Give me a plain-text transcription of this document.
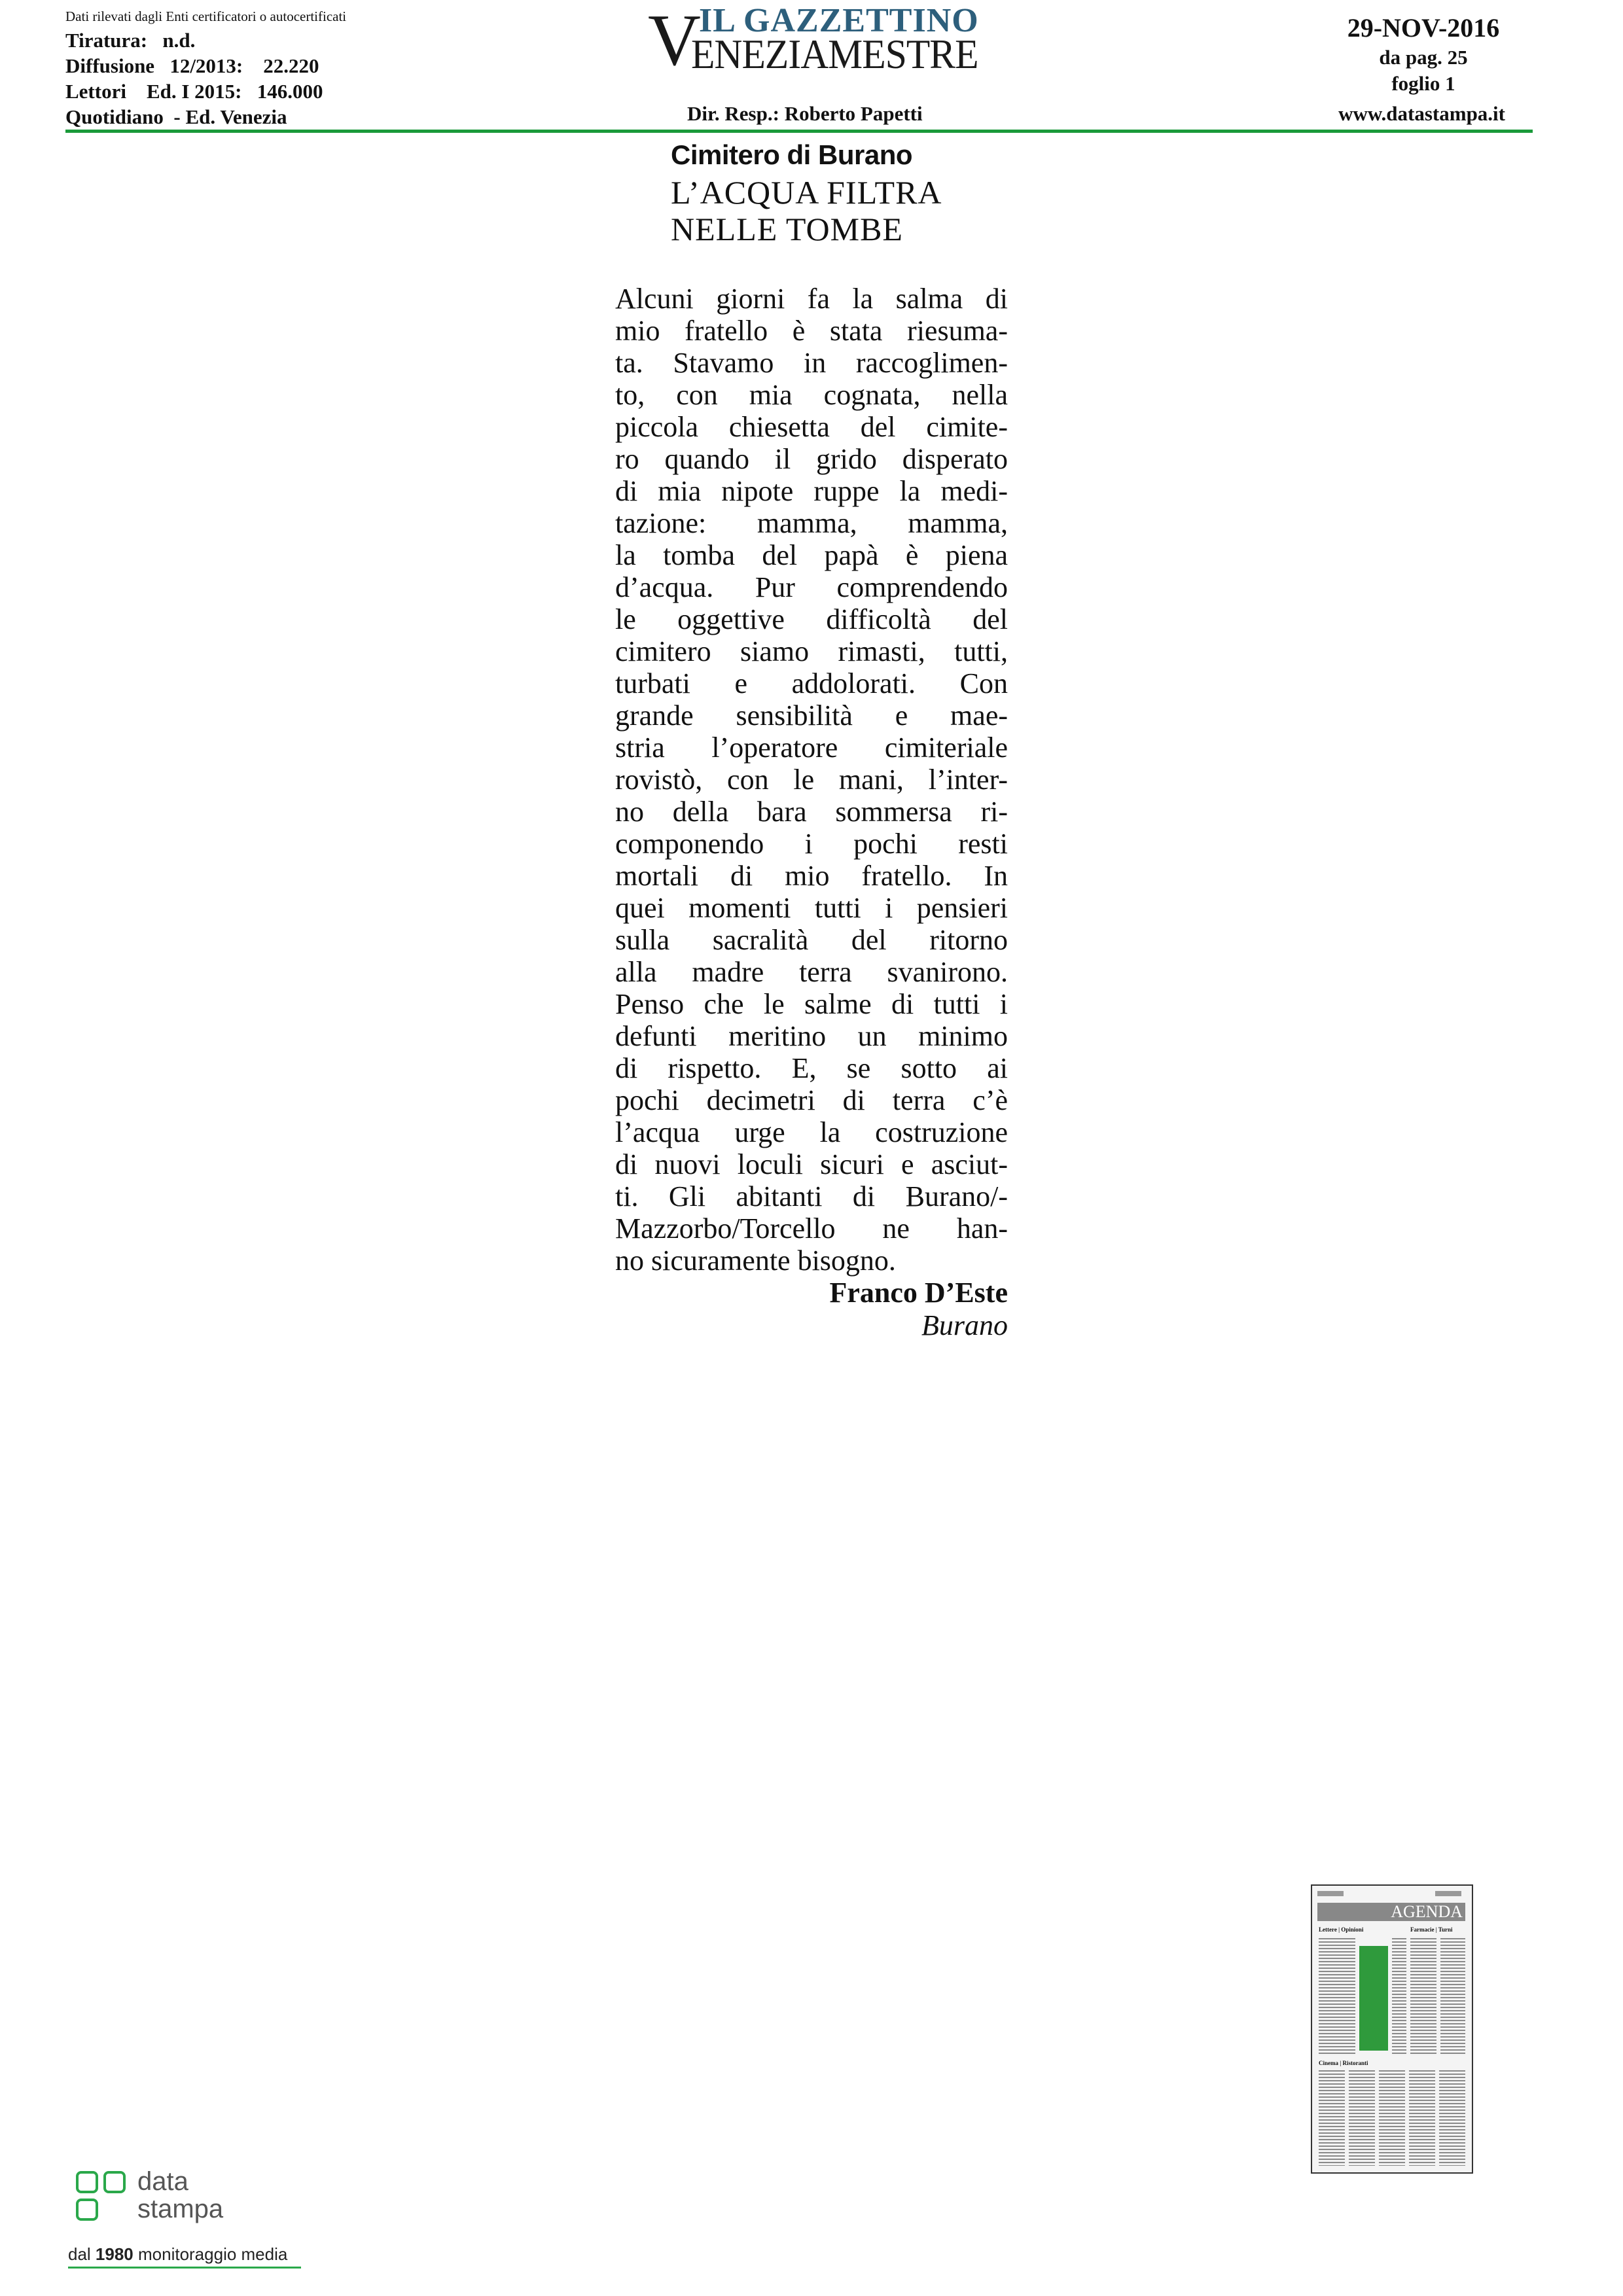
Dati rilevati dagli Enti certificatori o autocertificati
Tiratura:   n.d.
Diffusione   12/2013:    22.220
Lettori    Ed. I 2015:   146.000
Quotidiano  - Ed. Venezia
V
IL GAZZETTINO
ENEZIAMESTRE
Dir. Resp.: Roberto Papetti
29-NOV-2016
da pag. 25
foglio 1
www.datastampa.it
Cimitero di Burano
L’ACQUA FILTRA
NELLE TOMBE
Alcuni giorni fa la salma di
mio fratello è stata riesuma-
ta. Stavamo in raccoglimen-
to, con mia cognata, nella
piccola chiesetta del cimite-
ro quando il grido disperato
di mia nipote ruppe la medi-
tazione: mamma, mamma,
la tomba del papà è piena
d’acqua. Pur comprendendo
le oggettive difficoltà del
cimitero siamo rimasti, tutti,
turbati e addolorati. Con
grande sensibilità e mae-
stria l’operatore cimiteriale
rovistò, con le mani, l’inter-
no della bara sommersa ri-
componendo i pochi resti
mortali di mio fratello. In
quei momenti tutti i pensieri
sulla sacralità del ritorno
alla madre terra svanirono.
Penso che le salme di tutti i
defunti meritino un minimo
di rispetto. E, se sotto ai
pochi decimetri di terra c’è
l’acqua urge la costruzione
di nuovi loculi sicuri e asciut-
ti. Gli abitanti di Burano/-
Mazzorbo/Torcello ne han-
no sicuramente bisogno.
Franco D’Este
Burano
AGENDA
Lettere | Opinioni	Farmacie | Turni
Cinema | Ristoranti
data
stampa
dal 1980 monitoraggio media
